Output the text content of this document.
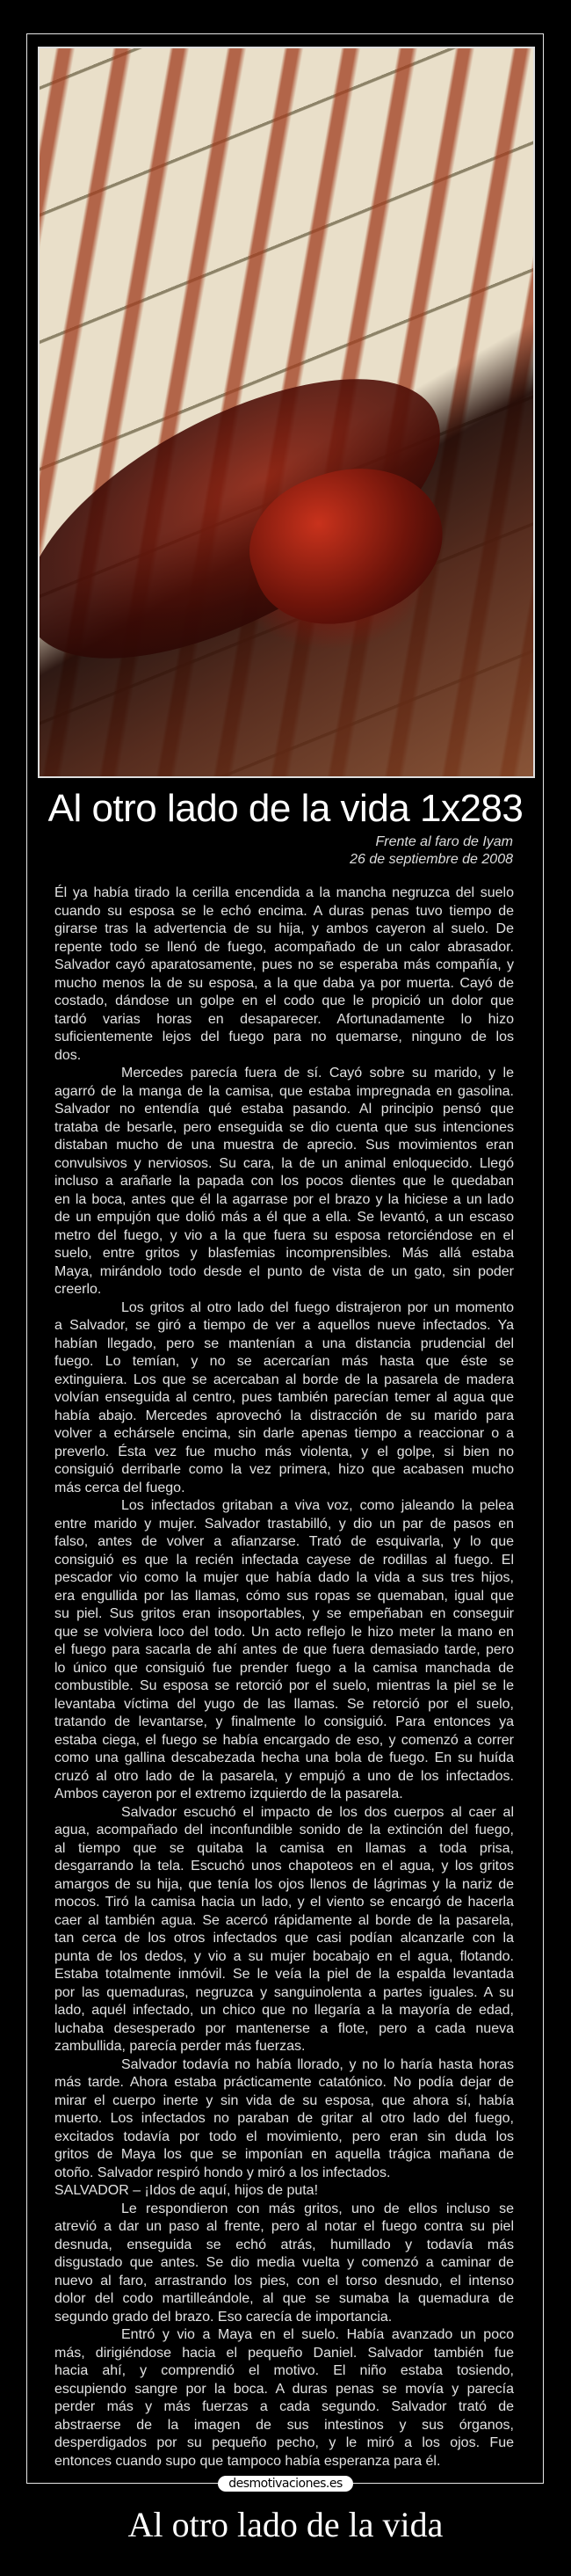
Al otro lado de la vida 1x283
Frente al faro de Iyam
26 de septiembre de 2008
Él ya había tirado la cerilla encendida a la mancha negruzca del suelo
cuando su esposa se le echó encima. A duras penas tuvo tiempo de
girarse tras la advertencia de su hija, y ambos cayeron al suelo. De
repente todo se llenó de fuego, acompañado de un calor abrasador.
Salvador cayó aparatosamente, pues no se esperaba más compañía, y
mucho menos la de su esposa, a la que daba ya por muerta. Cayó de
costado, dándose un golpe en el codo que le propició un dolor que
tardó varias horas en desaparecer. Afortunadamente lo hizo
suficientemente lejos del fuego para no quemarse, ninguno de los
dos.
Mercedes parecía fuera de sí. Cayó sobre su marido, y le
agarró de la manga de la camisa, que estaba impregnada en gasolina.
Salvador no entendía qué estaba pasando. Al principio pensó que
trataba de besarle, pero enseguida se dio cuenta que sus intenciones
distaban mucho de una muestra de aprecio. Sus movimientos eran
convulsivos y nerviosos. Su cara, la de un animal enloquecido. Llegó
incluso a arañarle la papada con los pocos dientes que le quedaban
en la boca, antes que él la agarrase por el brazo y la hiciese a un lado
de un empujón que dolió más a él que a ella. Se levantó, a un escaso
metro del fuego, y vio a la que fuera su esposa retorciéndose en el
suelo, entre gritos y blasfemias incomprensibles. Más allá estaba
Maya, mirándolo todo desde el punto de vista de un gato, sin poder
creerlo.
Los gritos al otro lado del fuego distrajeron por un momento
a Salvador, se giró a tiempo de ver a aquellos nueve infectados. Ya
habían llegado, pero se mantenían a una distancia prudencial del
fuego. Lo temían, y no se acercarían más hasta que éste se
extinguiera. Los que se acercaban al borde de la pasarela de madera
volvían enseguida al centro, pues también parecían temer al agua que
había abajo. Mercedes aprovechó la distracción de su marido para
volver a echársele encima, sin darle apenas tiempo a reaccionar o a
preverlo. Ésta vez fue mucho más violenta, y el golpe, si bien no
consiguió derribarle como la vez primera, hizo que acabasen mucho
más cerca del fuego.
Los infectados gritaban a viva voz, como jaleando la pelea
entre marido y mujer. Salvador trastabilló, y dio un par de pasos en
falso, antes de volver a afianzarse. Trató de esquivarla, y lo que
consiguió es que la recién infectada cayese de rodillas al fuego. El
pescador vio como la mujer que había dado la vida a sus tres hijos,
era engullida por las llamas, cómo sus ropas se quemaban, igual que
su piel. Sus gritos eran insoportables, y se empeñaban en conseguir
que se volviera loco del todo. Un acto reflejo le hizo meter la mano en
el fuego para sacarla de ahí antes de que fuera demasiado tarde, pero
lo único que consiguió fue prender fuego a la camisa manchada de
combustible. Su esposa se retorció por el suelo, mientras la piel se le
levantaba víctima del yugo de las llamas. Se retorció por el suelo,
tratando de levantarse, y finalmente lo consiguió. Para entonces ya
estaba ciega, el fuego se había encargado de eso, y comenzó a correr
como una gallina descabezada hecha una bola de fuego. En su huída
cruzó al otro lado de la pasarela, y empujó a uno de los infectados.
Ambos cayeron por el extremo izquierdo de la pasarela.
Salvador escuchó el impacto de los dos cuerpos al caer al
agua, acompañado del inconfundible sonido de la extinción del fuego,
al tiempo que se quitaba la camisa en llamas a toda prisa,
desgarrando la tela. Escuchó unos chapoteos en el agua, y los gritos
amargos de su hija, que tenía los ojos llenos de lágrimas y la nariz de
mocos. Tiró la camisa hacia un lado, y el viento se encargó de hacerla
caer al también agua. Se acercó rápidamente al borde de la pasarela,
tan cerca de los otros infectados que casi podían alcanzarle con la
punta de los dedos, y vio a su mujer bocabajo en el agua, flotando.
Estaba totalmente inmóvil. Se le veía la piel de la espalda levantada
por las quemaduras, negruzca y sanguinolenta a partes iguales. A su
lado, aquél infectado, un chico que no llegaría a la mayoría de edad,
luchaba desesperado por mantenerse a flote, pero a cada nueva
zambullida, parecía perder más fuerzas.
Salvador todavía no había llorado, y no lo haría hasta horas
más tarde. Ahora estaba prácticamente catatónico. No podía dejar de
mirar el cuerpo inerte y sin vida de su esposa, que ahora sí, había
muerto. Los infectados no paraban de gritar al otro lado del fuego,
excitados todavía por todo el movimiento, pero eran sin duda los
gritos de Maya los que se imponían en aquella trágica mañana de
otoño. Salvador respiró hondo y miró a los infectados.
SALVADOR – ¡Idos de aquí, hijos de puta!
Le respondieron con más gritos, uno de ellos incluso se
atrevió a dar un paso al frente, pero al notar el fuego contra su piel
desnuda, enseguida se echó atrás, humillado y todavía más
disgustado que antes. Se dio media vuelta y comenzó a caminar de
nuevo al faro, arrastrando los pies, con el torso desnudo, el intenso
dolor del codo martilleándole, al que se sumaba la quemadura de
segundo grado del brazo. Eso carecía de importancia.
Entró y vio a Maya en el suelo. Había avanzado un poco
más, dirigiéndose hacia el pequeño Daniel. Salvador también fue
hacia ahí, y comprendió el motivo. El niño estaba tosiendo,
escupiendo sangre por la boca. A duras penas se movía y parecía
perder más y más fuerzas a cada segundo. Salvador trató de
abstraerse de la imagen de sus intestinos y sus órganos,
desperdigados por su pequeño pecho, y le miró a los ojos. Fue
entonces cuando supo que tampoco había esperanza para él.
desmotivaciones.es
Al otro lado de la vida
